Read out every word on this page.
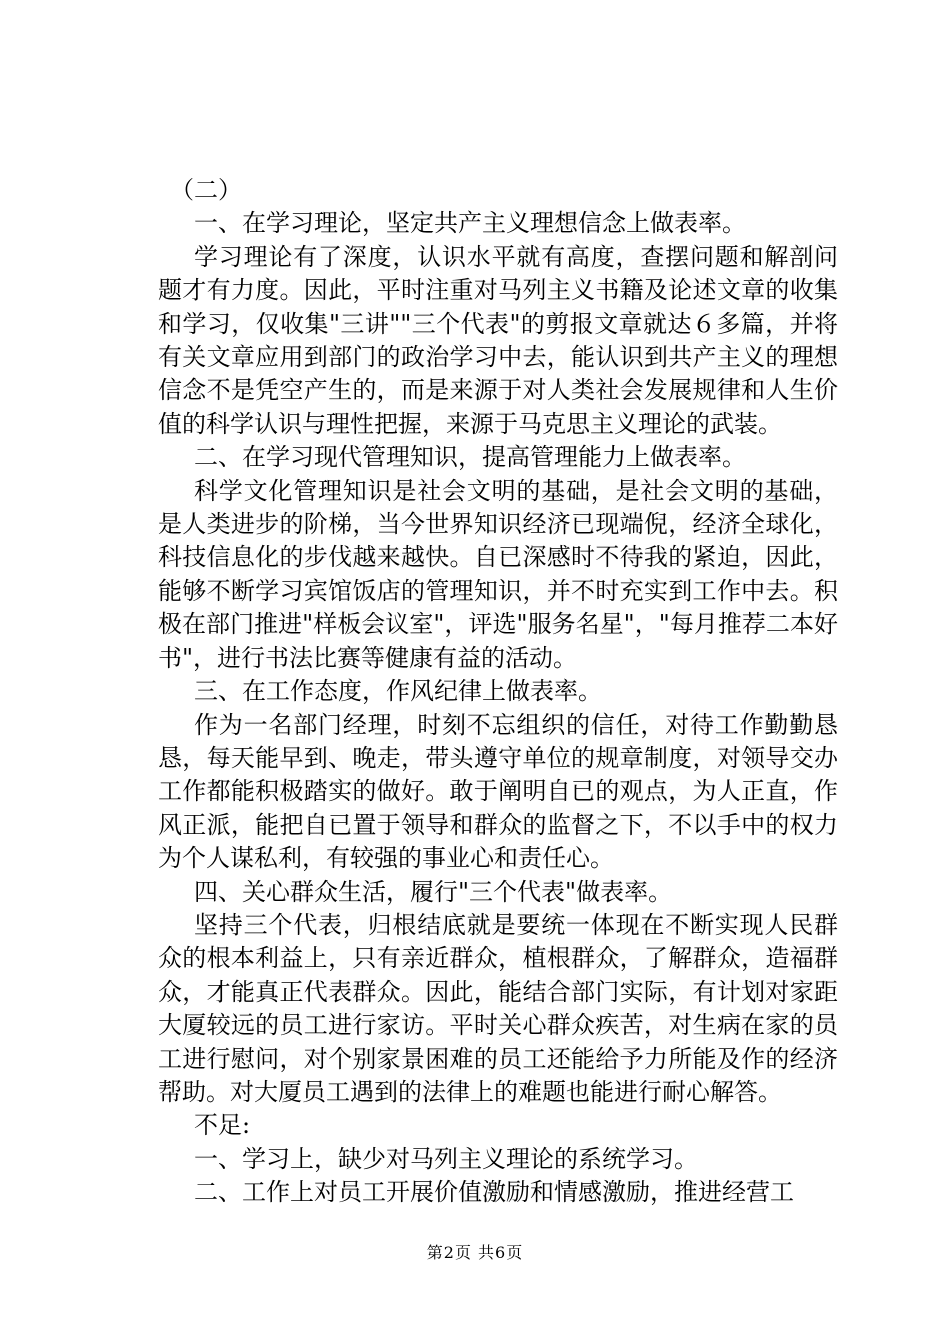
（二）

一、在学习理论，坚定共产主义理想信念上做表率。

学习理论有了深度，认识水平就有高度，查摆问题和解剖问题才有力度。因此，平时注重对马列主义书籍及论述文章的收集和学习，仅收集"三讲""三个代表"的剪报文章就达６多篇，并将有关文章应用到部门的政治学习中去，能认识到共产主义的理想信念不是凭空产生的，而是来源于对人类社会发展规律和人生价值的科学认识与理性把握，来源于马克思主义理论的武装。

二、在学习现代管理知识，提高管理能力上做表率。

科学文化管理知识是社会文明的基础，是社会文明的基础，是人类进步的阶梯，当今世界知识经济已现端倪，经济全球化，科技信息化的步伐越来越快。自已深感时不待我的紧迫，因此，能够不断学习宾馆饭店的管理知识，并不时充实到工作中去。积极在部门推进"样板会议室"，评选"服务名星"，"每月推荐二本好书"，进行书法比赛等健康有益的活动。

三、在工作态度，作风纪律上做表率。

作为一名部门经理，时刻不忘组织的信任，对待工作勤勤恳恳，每天能早到、晚走，带头遵守单位的规章制度，对领导交办工作都能积极踏实的做好。敢于阐明自已的观点，为人正直，作风正派，能把自已置于领导和群众的监督之下，不以手中的权力为个人谋私利，有较强的事业心和责任心。

四、关心群众生活，履行"三个代表"做表率。

坚持三个代表，归根结底就是要统一体现在不断实现人民群众的根本利益上，只有亲近群众，植根群众，了解群众，造福群众，才能真正代表群众。因此，能结合部门实际，有计划对家距大厦较远的员工进行家访。平时关心群众疾苦，对生病在家的员工进行慰问，对个别家景困难的员工还能给予力所能及作的经济帮助。对大厦员工遇到的法律上的难题也能进行耐心解答。

不足:

一、学习上，缺少对马列主义理论的系统学习。

二、工作上对员工开展价值激励和情感激励，推进经营工

第2页 共6页
